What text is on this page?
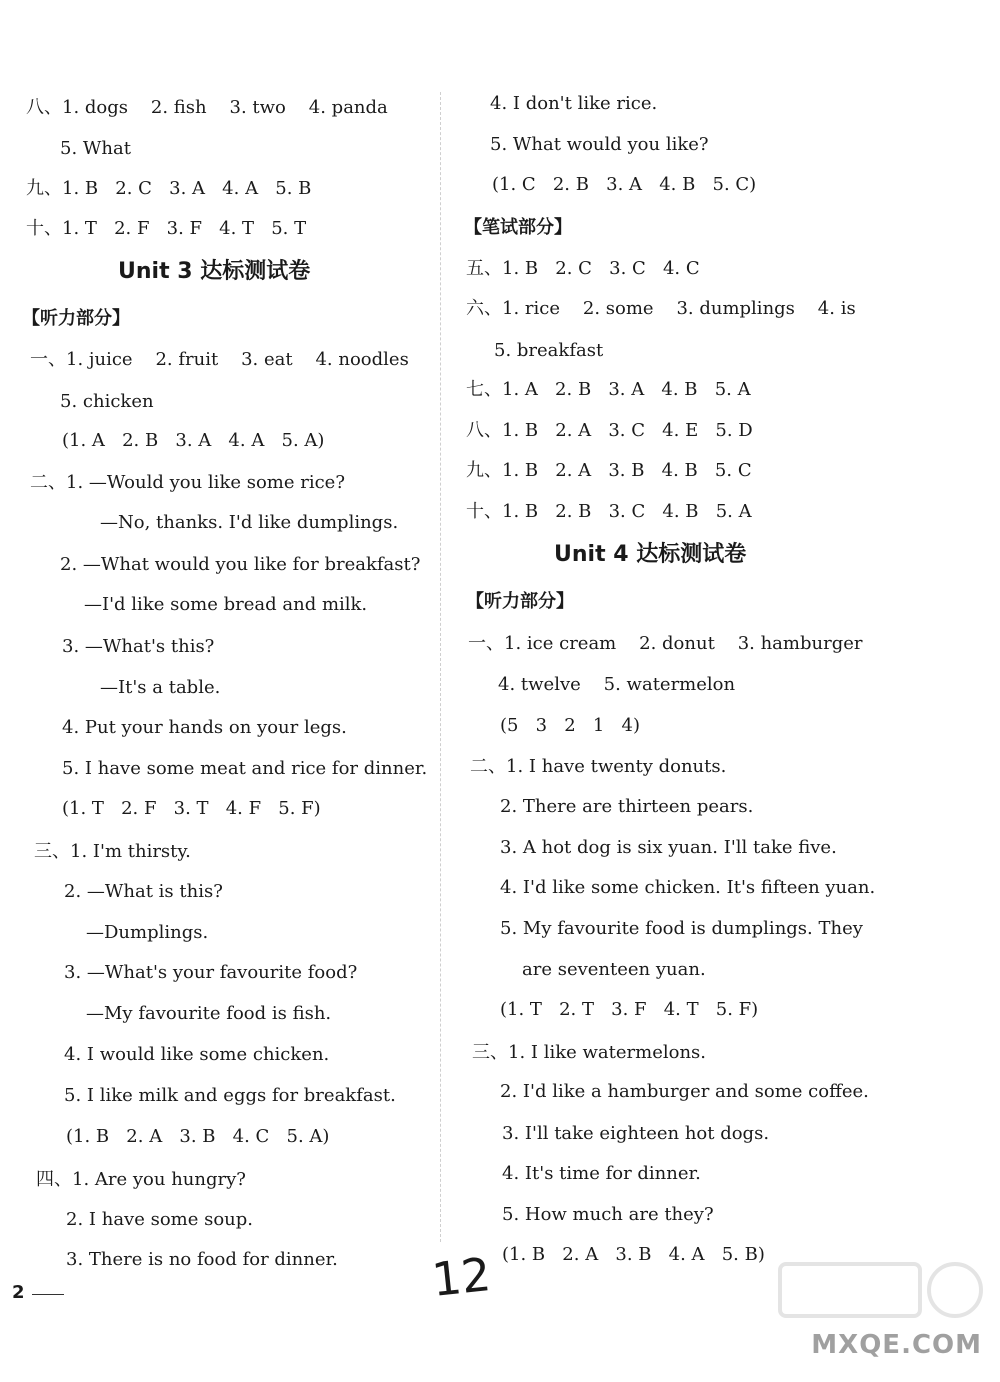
八、1. dogs    2. fish    3. two    4. panda
5. What
九、1. B   2. C   3. A   4. A   5. B
十、1. T   2. F   3. F   4. T   5. T
Unit 3 达标测试卷
【听力部分】
一、1. juice    2. fruit    3. eat    4. noodles
5. chicken
(1. A   2. B   3. A   4. A   5. A)
二、1. —Would you like some rice?
—No, thanks. I'd like dumplings.
2. —What would you like for breakfast?
—I'd like some bread and milk.
3. —What's this?
—It's a table.
4. Put your hands on your legs.
5. I have some meat and rice for dinner.
(1. T   2. F   3. T   4. F   5. F)
三、1. I'm thirsty.
2. —What is this?
—Dumplings.
3. —What's your favourite food?
—My favourite food is fish.
4. I would like some chicken.
5. I like milk and eggs for breakfast.
(1. B   2. A   3. B   4. C   5. A)
四、1. Are you hungry?
2. I have some soup.
3. There is no food for dinner.
4. I don't like rice.
5. What would you like?
(1. C   2. B   3. A   4. B   5. C)
【笔试部分】
五、1. B   2. C   3. C   4. C
六、1. rice    2. some    3. dumplings    4. is
5. breakfast
七、1. A   2. B   3. A   4. B   5. A
八、1. B   2. A   3. C   4. E   5. D
九、1. B   2. A   3. B   4. B   5. C
十、1. B   2. B   3. C   4. B   5. A
Unit 4 达标测试卷
【听力部分】
一、1. ice cream    2. donut    3. hamburger
4. twelve    5. watermelon
(5   3   2   1   4)
二、1. I have twenty donuts.
2. There are thirteen pears.
3. A hot dog is six yuan. I'll take five.
4. I'd like some chicken. It's fifteen yuan.
5. My favourite food is dumplings. They
are seventeen yuan.
(1. T   2. T   3. F   4. T   5. F)
三、1. I like watermelons.
2. I'd like a hamburger and some coffee.
3. I'll take eighteen hot dogs.
4. It's time for dinner.
5. How much are they?
(1. B   2. A   3. B   4. A   5. B)
2	12
MXQE.COM
